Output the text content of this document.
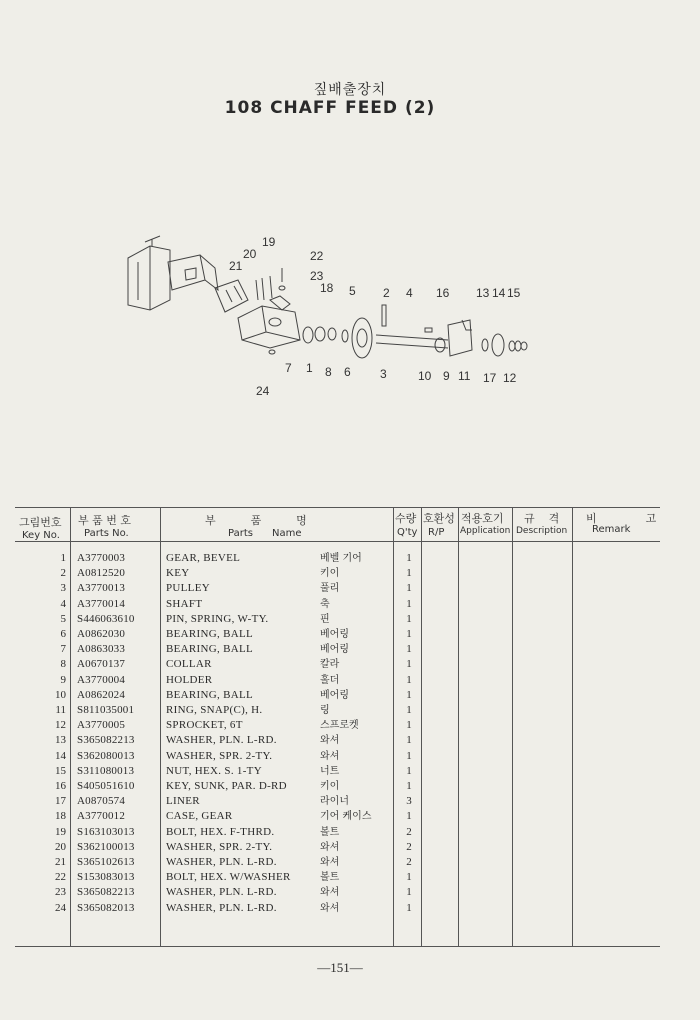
짚배출장치
108 CHAFF FEED (2)
19
20	22
21
23
18 5 2 4 16 13 14 15
7 1 8 6 3	10 9 11 17 12
24
그림번호
Key No.
부 품 번 호
Parts No.
부          품          명
Parts      Name
수량
Q'ty
호환성
R/P
적용호기
Application
규    격
Description
비              고
Remark
1 A3770003	GEAR, BEVEL	베벨 기어	1
2 A0812520	KEY	키이	1
3 A3770013	PULLEY	풀리	1
4 A3770014	SHAFT	축	1
5 S446063610	PIN, SPRING, W-TY.	핀	1
6 A0862030	BEARING, BALL	베어링	1
7 A0863033	BEARING, BALL	베어링	1
8 A0670137	COLLAR	칼라	1
9 A3770004	HOLDER	홀더	1
10 A0862024	BEARING, BALL	베어링	1
11 S811035001	RING, SNAP(C), H.	링	1
12 A3770005	SPROCKET, 6T	스프로켓	1
13 S365082213	WASHER, PLN. L-RD.	와셔	1
14 S362080013	WASHER, SPR. 2-TY.	와셔	1
15 S311080013	NUT, HEX. S. 1-TY	너트	1
16 S405051610	KEY, SUNK, PAR. D-RD	키이	1
17 A0870574	LINER	라이너	3
18 A3770012	CASE, GEAR	기어 케이스	1
19 S163103013	BOLT, HEX. F-THRD.	볼트	2
20 S362100013	WASHER, SPR. 2-TY.	와셔	2
21 S365102613	WASHER, PLN. L-RD.	와셔	2
22 S153083013	BOLT, HEX. W/WASHER	볼트	1
23 S365082213	WASHER, PLN. L-RD.	와셔	1
24 S365082013	WASHER, PLN. L-RD.	와셔	1
—151—
